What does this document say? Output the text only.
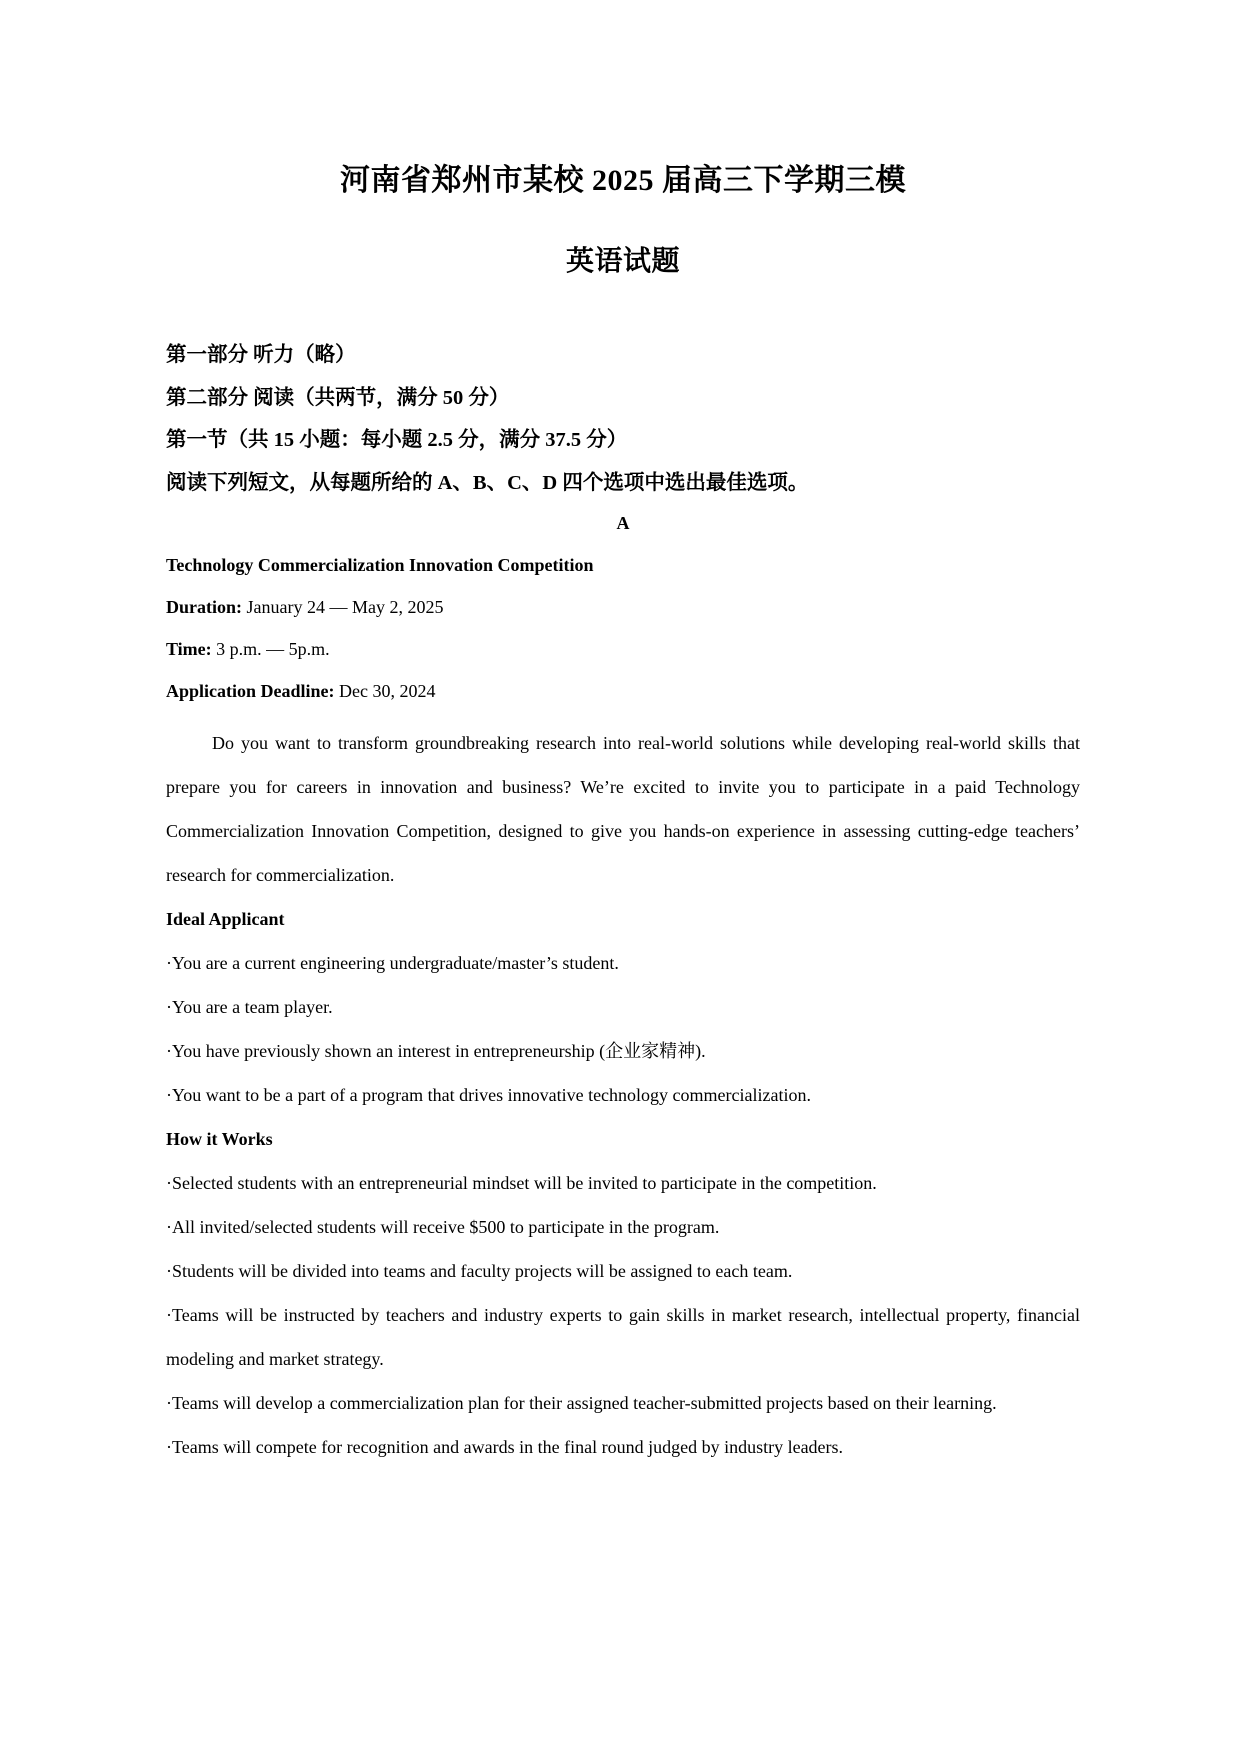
河南省郑州市某校 2025 届高三下学期三模
英语试题

第一部分 听力（略）

第二部分 阅读（共两节，满分 50 分）

第一节（共 15 小题：每小题 2.5 分，满分 37.5 分）

阅读下列短文，从每题所给的 A、B、C、D 四个选项中选出最佳选项。

A

Technology Commercialization Innovation Competition

Duration: January 24 — May 2, 2025

Time: 3 p.m. — 5p.m.

Application Deadline: Dec 30, 2024

Do you want to transform groundbreaking research into real-world solutions while developing real-world skills that prepare you for careers in innovation and business? We’re excited to invite you to participate in a paid Technology Commercialization Innovation Competition, designed to give you hands-on experience in assessing cutting-edge teachers’ research for commercialization.

Ideal Applicant

·You are a current engineering undergraduate/master’s student.

·You are a team player.

·You have previously shown an interest in entrepreneurship (企业家精神).

·You want to be a part of a program that drives innovative technology commercialization.

How it Works

·Selected students with an entrepreneurial mindset will be invited to participate in the competition.

·All invited/selected students will receive $500 to participate in the program.

·Students will be divided into teams and faculty projects will be assigned to each team.

·Teams will be instructed by teachers and industry experts to gain skills in market research, intellectual property, financial modeling and market strategy.

·Teams will develop a commercialization plan for their assigned teacher-submitted projects based on their learning.

·Teams will compete for recognition and awards in the final round judged by industry leaders.
